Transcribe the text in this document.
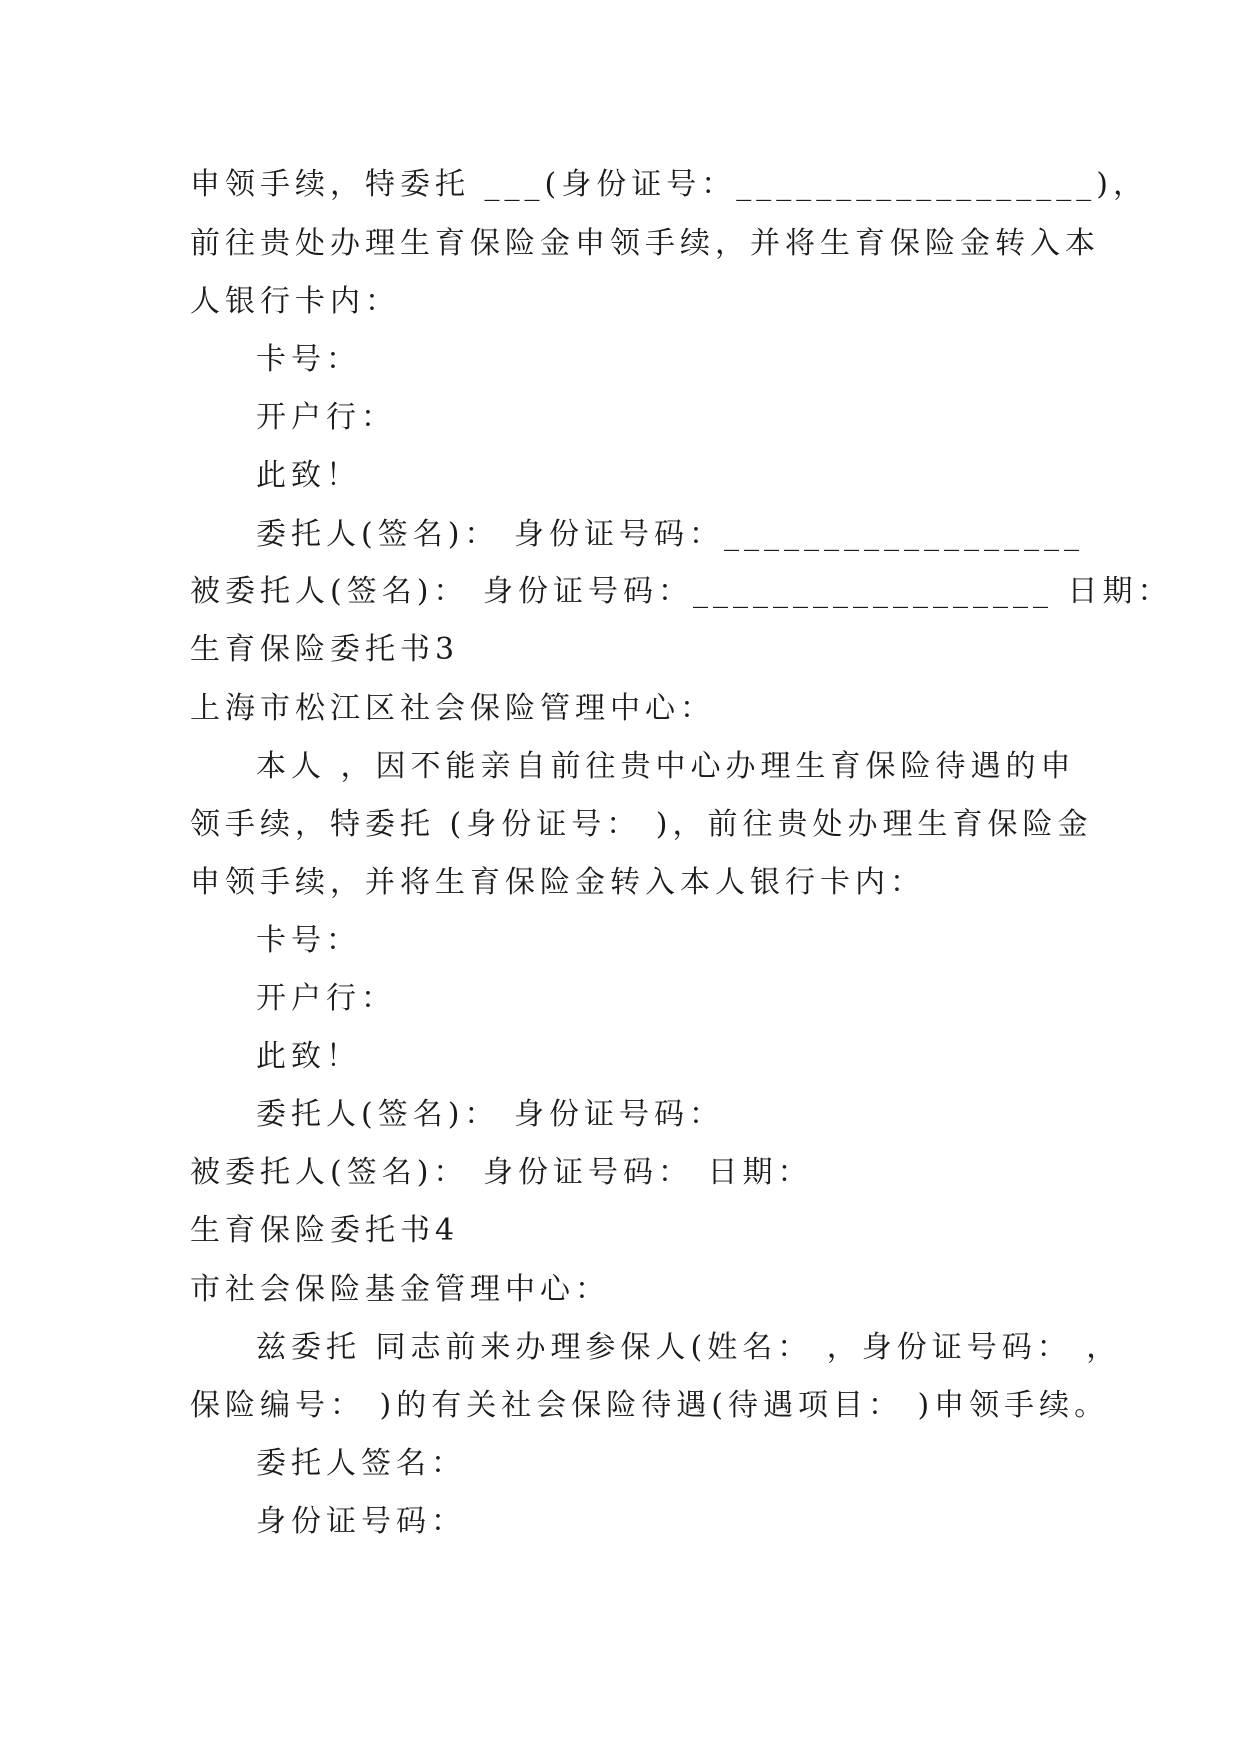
申领手续，特委托 ___(身份证号：__________________)，
前往贵处办理生育保险金申领手续，并将生育保险金转入本
人银行卡内：
卡号：
开户行：
此致！
委托人(签名)： 身份证号码：__________________
被委托人(签名)： 身份证号码：__________________ 日期：
生育保险委托书3
上海市松江区社会保险管理中心：
本人 ，因不能亲自前往贵中心办理生育保险待遇的申
领手续，特委托 (身份证号： )，前往贵处办理生育保险金
申领手续，并将生育保险金转入本人银行卡内：
卡号：
开户行：
此致！
委托人(签名)： 身份证号码：
被委托人(签名)： 身份证号码： 日期：
生育保险委托书4
市社会保险基金管理中心：
兹委托 同志前来办理参保人(姓名： ，身份证号码： ，
保险编号： )的有关社会保险待遇(待遇项目： )申领手续。
委托人签名：
身份证号码：
